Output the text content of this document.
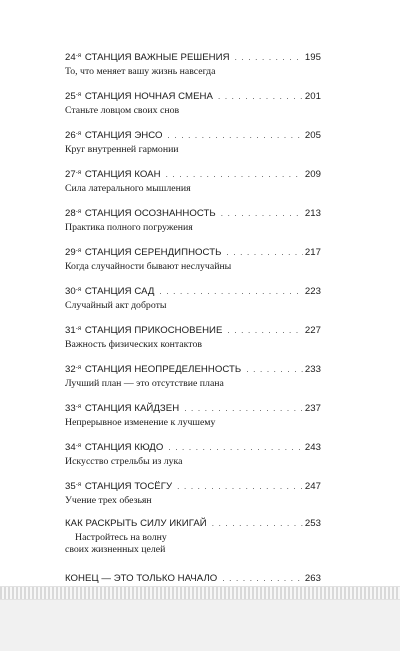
$24^{-я}$ СТАНЦИЯ ВАЖНЫЕ РЕШЕНИЯ . . .	195
То, что меняет вашу жизнь навсегда
$25^{-я}$ СТАНЦИЯ НОЧНАЯ СМЕНА . . .	201
Станьте ловцом своих снов
$26^{-я}$ СТАНЦИЯ ЭНСО . . .	205
Круг внутренней гармонии
$27^{-я}$ СТАНЦИЯ КОАН . . .	209
Сила латерального мышления
$28^{-я}$ СТАНЦИЯ ОСОЗНАННОСТЬ . . .	213
Практика полного погружения
$29^{-я}$ СТАНЦИЯ СЕРЕНДИПНОСТЬ . . .	217
Когда случайности бывают неслучайны
$30^{-я}$ СТАНЦИЯ САД . . .	223
Случайный акт доброты
$31^{-я}$ СТАНЦИЯ ПРИКОСНОВЕНИЕ . . .	227
Важность физических контактов
$32^{-я}$ СТАНЦИЯ НЕОПРЕДЕЛЕННОСТЬ . . .	233
Лучший план — это отсутствие плана
$33^{-я}$ СТАНЦИЯ КАЙДЗЕН . . .	237
Непрерывное изменение к лучшему
$34^{-я}$ СТАНЦИЯ КЮДО . . .	243
Искусство стрельбы из лука
$35^{-я}$ СТАНЦИЯ ТОСЁГУ . . .	247
Учение трех обезьян
КАК РАСКРЫТЬ СИЛУ ИКИГАЙ . . .	253
Настройтесь на волну
своих жизненных целей
КОНЕЦ — ЭТО ТОЛЬКО НАЧАЛО . . .	263
. . .
. . .
